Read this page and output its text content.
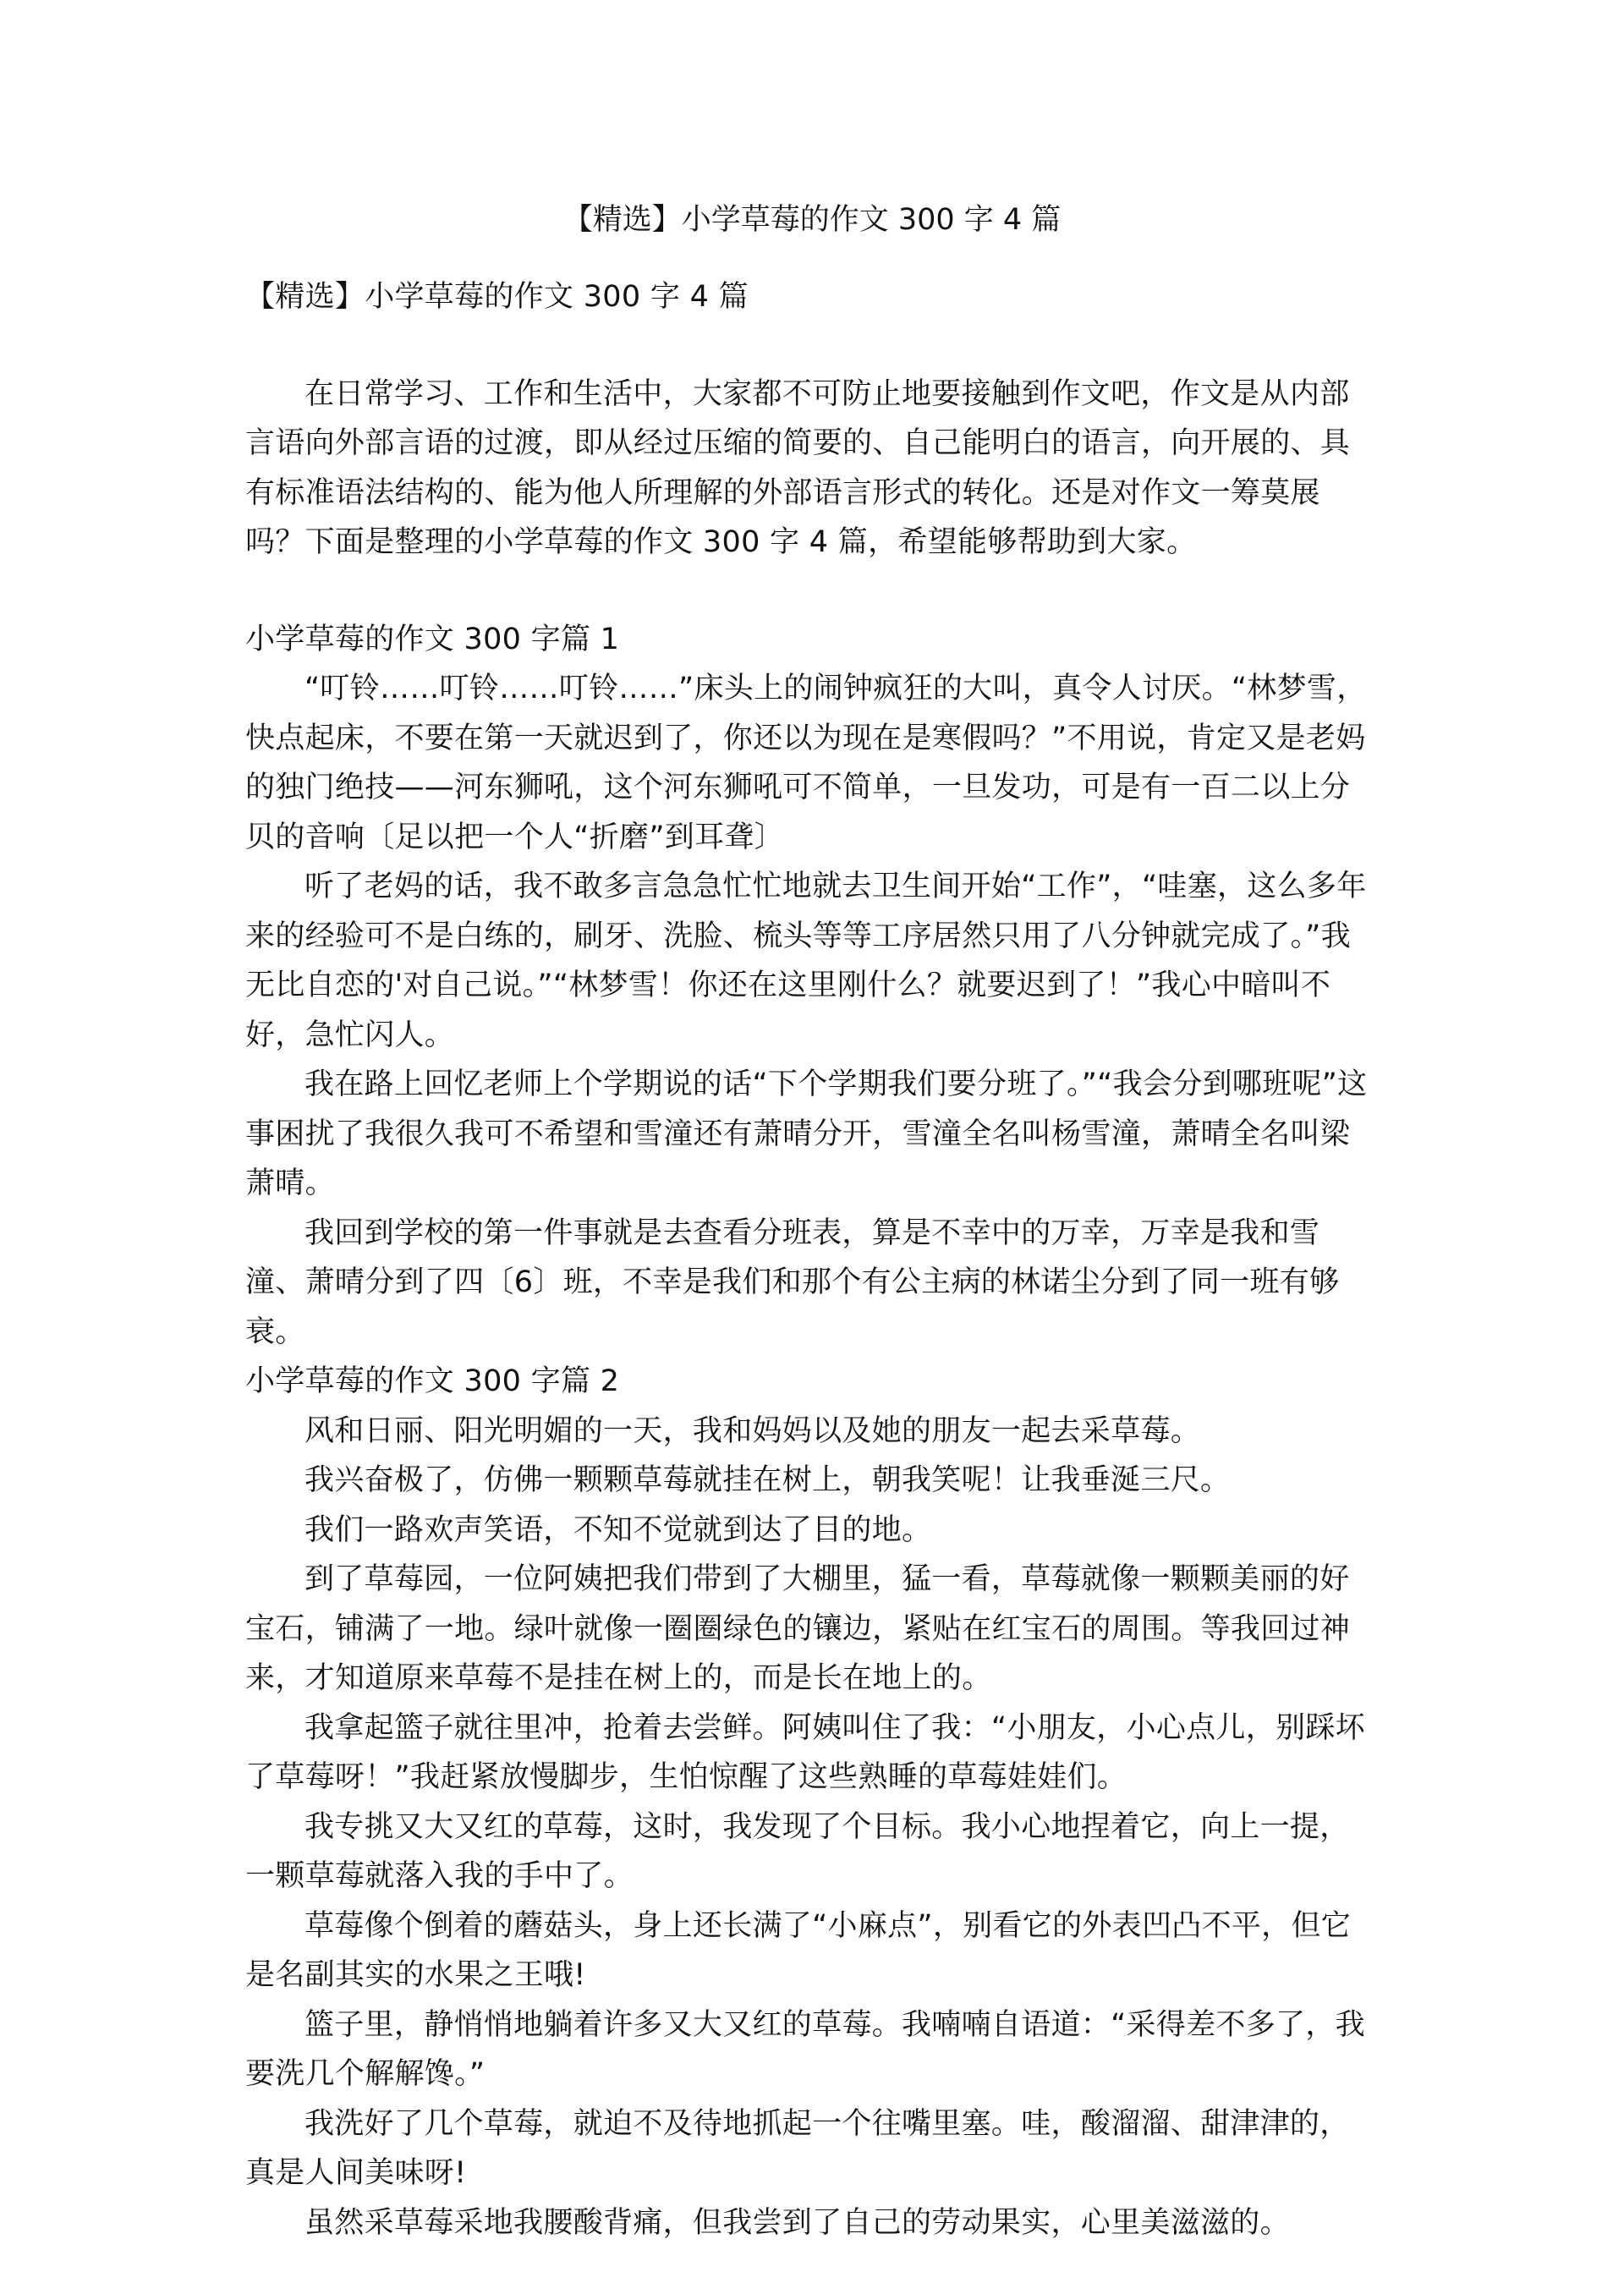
【精选】小学草莓的作文 300 字 4 篇

【精选】小学草莓的作文 300 字 4 篇

在日常学习、工作和生活中，大家都不可防止地要接触到作文吧，作文是从内部言语向外部言语的过渡，即从经过压缩的简要的、自己能明白的语言，向开展的、具有标准语法结构的、能为他人所理解的外部语言形式的转化。还是对作文一筹莫展吗？下面是整理的小学草莓的作文 300 字 4 篇，希望能够帮助到大家。

小学草莓的作文 300 字篇 1

“叮铃……叮铃……叮铃……”床头上的闹钟疯狂的大叫，真令人讨厌。“林梦雪，快点起床，不要在第一天就迟到了，你还以为现在是寒假吗？”不用说，肯定又是老妈的独门绝技——河东狮吼，这个河东狮吼可不简单，一旦发功，可是有一百二以上分贝的音响〔足以把一个人“折磨”到耳聋〕

听了老妈的话，我不敢多言急急忙忙地就去卫生间开始“工作”，“哇塞，这么多年来的经验可不是白练的，刷牙、洗脸、梳头等等工序居然只用了八分钟就完成了。”我无比自恋的'对自己说。”“林梦雪！你还在这里刚什么？就要迟到了！”我心中暗叫不好，急忙闪人。

我在路上回忆老师上个学期说的话“下个学期我们要分班了。”“我会分到哪班呢”这事困扰了我很久我可不希望和雪潼还有萧晴分开，雪潼全名叫杨雪潼，萧晴全名叫梁萧晴。

我回到学校的第一件事就是去查看分班表，算是不幸中的万幸，万幸是我和雪潼、萧晴分到了四〔6〕班，不幸是我们和那个有公主病的林诺尘分到了同一班有够衰。

小学草莓的作文 300 字篇 2

风和日丽、阳光明媚的一天，我和妈妈以及她的朋友一起去采草莓。

我兴奋极了，仿佛一颗颗草莓就挂在树上，朝我笑呢！让我垂涎三尺。

我们一路欢声笑语，不知不觉就到达了目的地。

到了草莓园，一位阿姨把我们带到了大棚里，猛一看，草莓就像一颗颗美丽的好宝石，铺满了一地。绿叶就像一圈圈绿色的镶边，紧贴在红宝石的周围。等我回过神来，才知道原来草莓不是挂在树上的，而是长在地上的。

我拿起篮子就往里冲，抢着去尝鲜。阿姨叫住了我：“小朋友，小心点儿，别踩坏了草莓呀！”我赶紧放慢脚步，生怕惊醒了这些熟睡的草莓娃娃们。

我专挑又大又红的草莓，这时，我发现了个目标。我小心地捏着它，向上一提，一颗草莓就落入我的手中了。

草莓像个倒着的蘑菇头，身上还长满了“小麻点”，别看它的外表凹凸不平，但它是名副其实的水果之王哦!

篮子里，静悄悄地躺着许多又大又红的草莓。我喃喃自语道：“采得差不多了，我要洗几个解解馋。”

我洗好了几个草莓，就迫不及待地抓起一个往嘴里塞。哇，酸溜溜、甜津津的，真是人间美味呀!

虽然采草莓采地我腰酸背痛，但我尝到了自己的劳动果实，心里美滋滋的。
